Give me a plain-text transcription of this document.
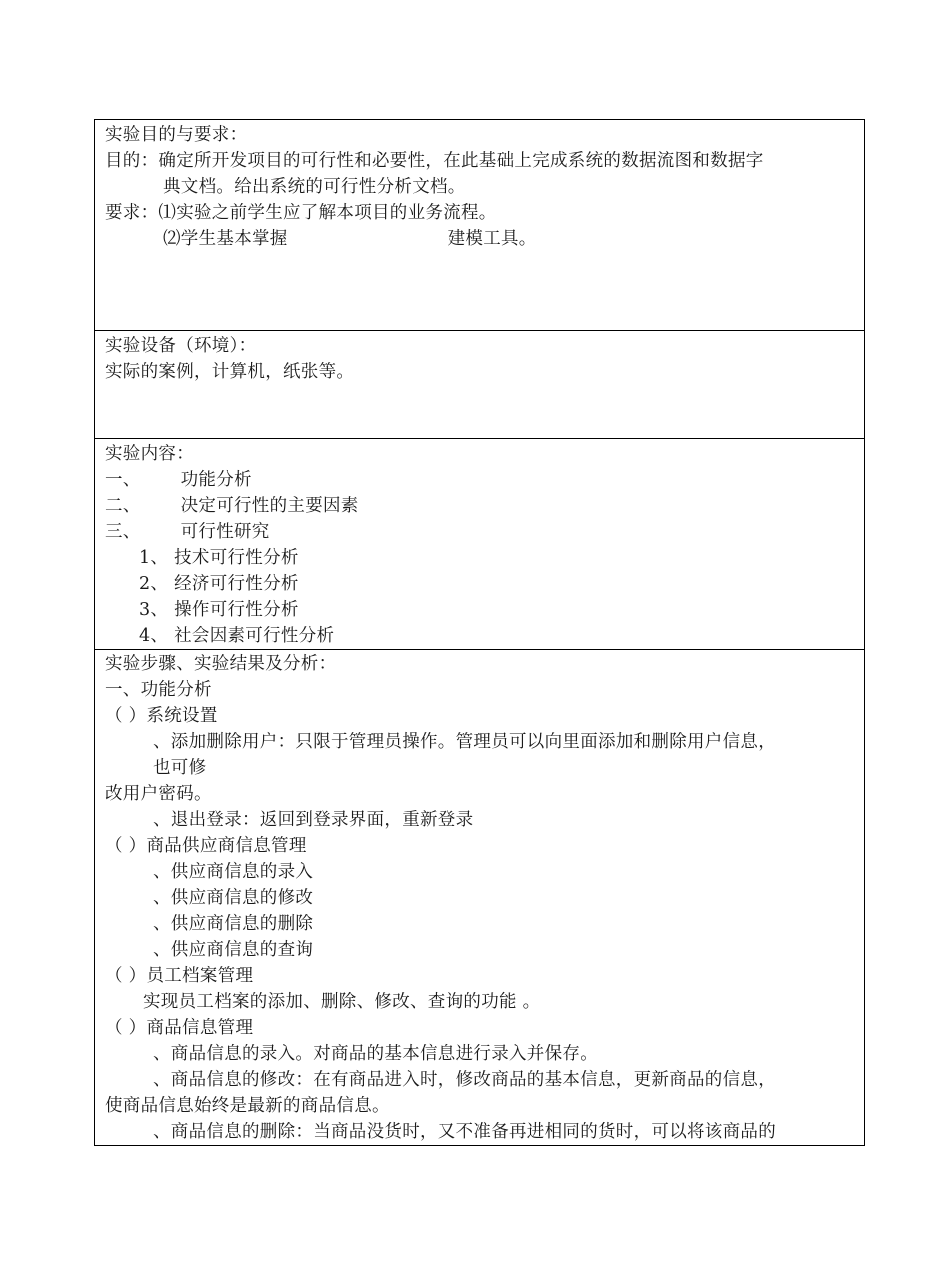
实验目的与要求：
目的：确定所开发项目的可行性和必要性，在此基础上完成系统的数据流图和数据字
典文档。给出系统的可行性分析文档。
要求：⑴实验之前学生应了解本项目的业务流程。
⑵学生基本掌握	建模工具。
实验设备（环境）：
实际的案例，计算机，纸张等。
实验内容：
一、 功能分析
二、 决定可行性的主要因素
三、 可行性研究
1、 技术可行性分析
2、 经济可行性分析
3、 操作可行性分析
4、 社会因素可行性分析
实验步骤、实验结果及分析：
一、功能分析
（ ）系统设置
、添加删除用户：只限于管理员操作。管理员可以向里面添加和删除用户信息，
也可修
改用户密码。
、退出登录：返回到登录界面，重新登录
（ ）商品供应商信息管理
、供应商信息的录入
、供应商信息的修改
、供应商信息的删除
、供应商信息的查询
（ ）员工档案管理
实现员工档案的添加、删除、修改、查询的功能 。
（ ）商品信息管理
、商品信息的录入。对商品的基本信息进行录入并保存。
、商品信息的修改：在有商品进入时，修改商品的基本信息，更新商品的信息，
使商品信息始终是最新的商品信息。
、商品信息的删除：当商品没货时，又不准备再进相同的货时，可以将该商品的
